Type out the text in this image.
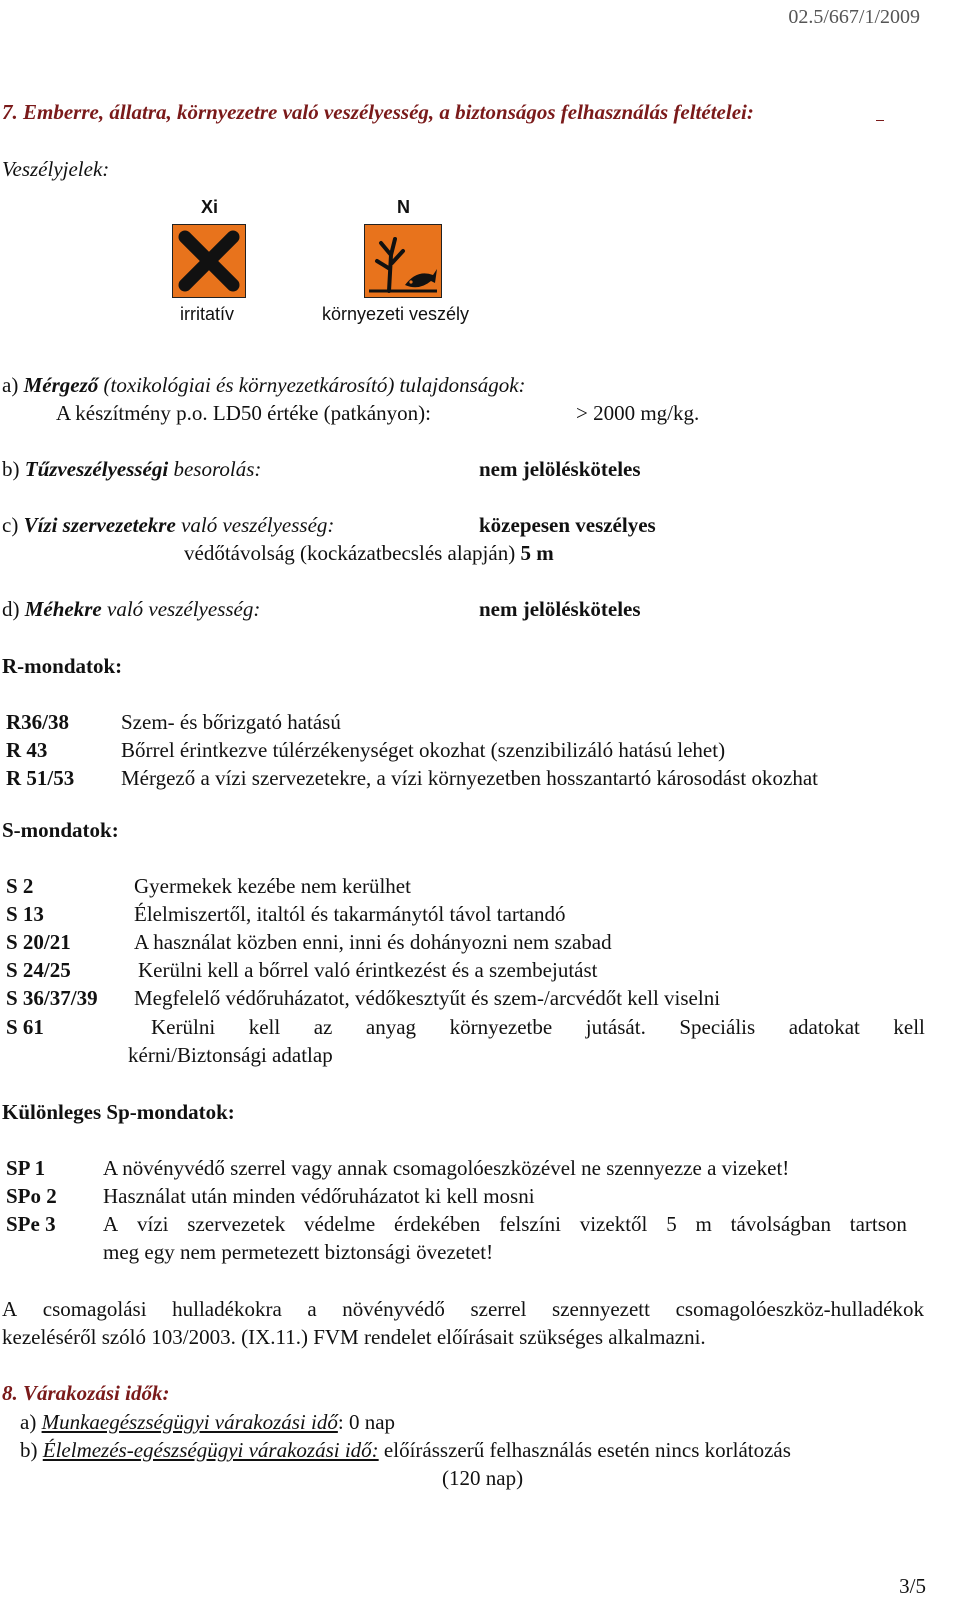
02.5/667/1/2009
7. Emberre, állatra, környezetre való veszélyesség, a biztonságos felhasználás feltételei:
Veszélyjelek:
Xi
irritatív
N
környezeti veszély
a) Mérgező (toxikológiai és környezetkárosító) tulajdonságok:
A készítmény p.o. LD50 értéke (patkányon):	> 2000 mg/kg.
b) Tűzveszélyességi besorolás:	nem jelölésköteles
c) Vízi szervezetekre való veszélyesség:	közepesen veszélyes
védőtávolság (kockázatbecslés alapján) 5 m
d) Méhekre való veszélyesség:	nem jelölésköteles
R-mondatok:
R36/38 Szem- és bőrizgató hatású
R 43	Bőrrel érintkezve túlérzékenységet okozhat (szenzibilizáló hatású lehet)
R 51/53 Mérgező a vízi szervezetekre, a vízi környezetben hosszantartó károsodást okozhat
S-mondatok:
S 2	Gyermekek kezébe nem kerülhet
S 13	Élelmiszertől, italtól és takarmánytól távol tartandó
S 20/21	A használat közben enni, inni és dohányozni nem szabad
S 24/25	Kerülni kell a bőrrel való érintkezést és a szembejutást
S 36/37/39 Megfelelő védőruházatot, védőkesztyűt és szem-/arcvédőt kell viselni
S 61	Kerülni kell az anyag környezetbe jutását. Speciális adatokat kell
kérni/Biztonsági adatlap
Különleges Sp-mondatok:
SP 1	A növényvédő szerrel vagy annak csomagolóeszközével ne szennyezze a vizeket!
SPo 2 Használat után minden védőruházatot ki kell mosni
SPe 3 A vízi szervezetek védelme érdekében felszíni vizektől 5 m távolságban tartson
meg egy nem permetezett biztonsági övezetet!
A csomagolási hulladékokra a növényvédő szerrel szennyezett csomagolóeszköz-hulladékok
kezeléséről szóló 103/2003. (IX.11.) FVM rendelet előírásait szükséges alkalmazni.
8. Várakozási idők:
a) Munkaegészségügyi várakozási idő: 0 nap
b) Élelmezés-egészségügyi várakozási idő: előírásszerű felhasználás esetén nincs korlátozás
(120 nap)
3/5
